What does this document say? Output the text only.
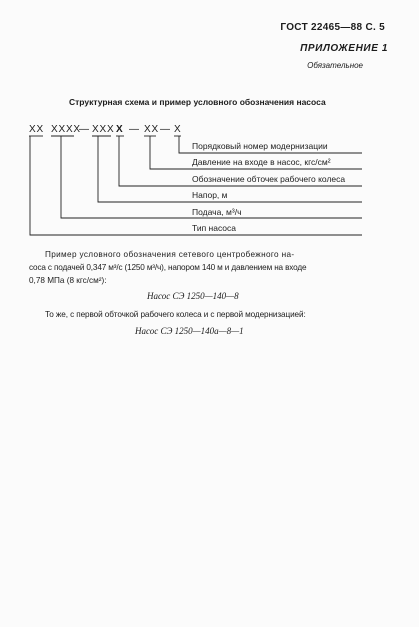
ГОСТ 22465—88 С. 5
ПРИЛОЖЕНИЕ 1
Обязательное
Структурная схема и пример условного обозначения насоса
XX XXXX
— XXX X — XX — X
Порядковый номер модернизации
Давление на входе в насос, кгс/см²
Обозначение обточек рабочего колеса
Напор, м
Подача, м³/ч
Тип насоса
Пример условного обозначения сетевого центробежного на-
соса с подачей 0,347 м³/с (1250 м³/ч), напором 140 м и давлением на входе
0,78 МПа (8 кгс/см²):
Насос СЭ 1250—140—8
То же, с первой обточкой рабочего колеса и с первой модернизацией:
Насос СЭ 1250—140а—8—1
